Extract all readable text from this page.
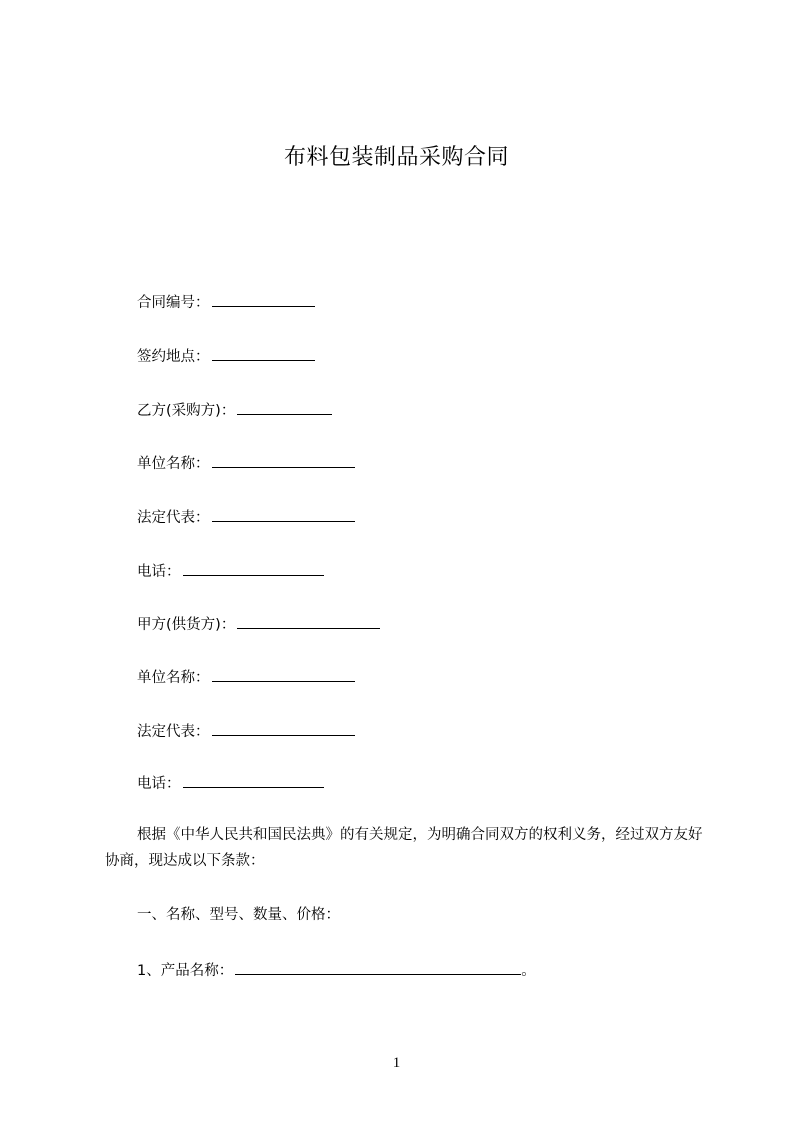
布料包装制品采购合同
合同编号：
签约地点：
乙方(采购方)：
单位名称：
法定代表：
电话：
甲方(供货方)：
单位名称：
法定代表：
电话：

根据《中华人民共和国民法典》的有关规定，为明确合同双方的权利义务，经过双方友好协商，现达成以下条款：

一、名称、型号、数量、价格：
1、产品名称：	。
1
